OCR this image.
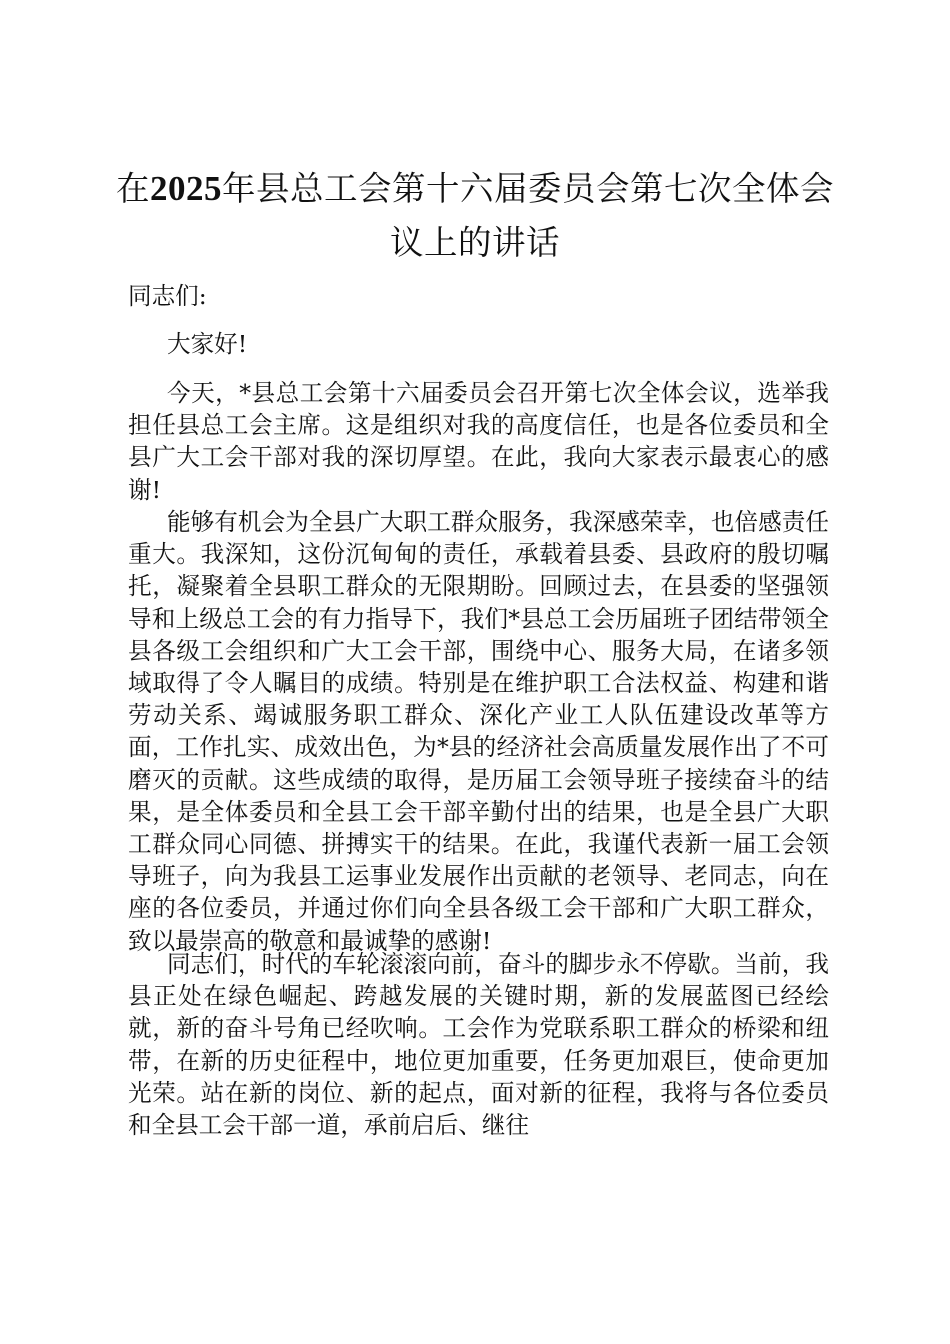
在2025年县总工会第十六届委员会第七次全体会议上的讲话

同志们:

大家好!

今天，*县总工会第十六届委员会召开第七次全体会议，选举我担任县总工会主席。这是组织对我的高度信任，也是各位委员和全县广大工会干部对我的深切厚望。在此，我向大家表示最衷心的感谢!

能够有机会为全县广大职工群众服务，我深感荣幸，也倍感责任重大。我深知，这份沉甸甸的责任，承载着县委、县政府的殷切嘱托，凝聚着全县职工群众的无限期盼。回顾过去，在县委的坚强领导和上级总工会的有力指导下，我们*县总工会历届班子团结带领全县各级工会组织和广大工会干部，围绕中心、服务大局，在诸多领域取得了令人瞩目的成绩。特别是在维护职工合法权益、构建和谐劳动关系、竭诚服务职工群众、深化产业工人队伍建设改革等方面，工作扎实、成效出色，为*县的经济社会高质量发展作出了不可磨灭的贡献。这些成绩的取得，是历届工会领导班子接续奋斗的结果，是全体委员和全县工会干部辛勤付出的结果，也是全县广大职工群众同心同德、拼搏实干的结果。在此，我谨代表新一届工会领导班子，向为我县工运事业发展作出贡献的老领导、老同志，向在座的各位委员，并通过你们向全县各级工会干部和广大职工群众，致以最崇高的敬意和最诚挚的感谢!

同志们，时代的车轮滚滚向前，奋斗的脚步永不停歇。当前，我县正处在绿色崛起、跨越发展的关键时期，新的发展蓝图已经绘就，新的奋斗号角已经吹响。工会作为党联系职工群众的桥梁和纽带，在新的历史征程中，地位更加重要，任务更加艰巨，使命更加光荣。站在新的岗位、新的起点，面对新的征程，我将与各位委员和全县工会干部一道，承前启后、继往
